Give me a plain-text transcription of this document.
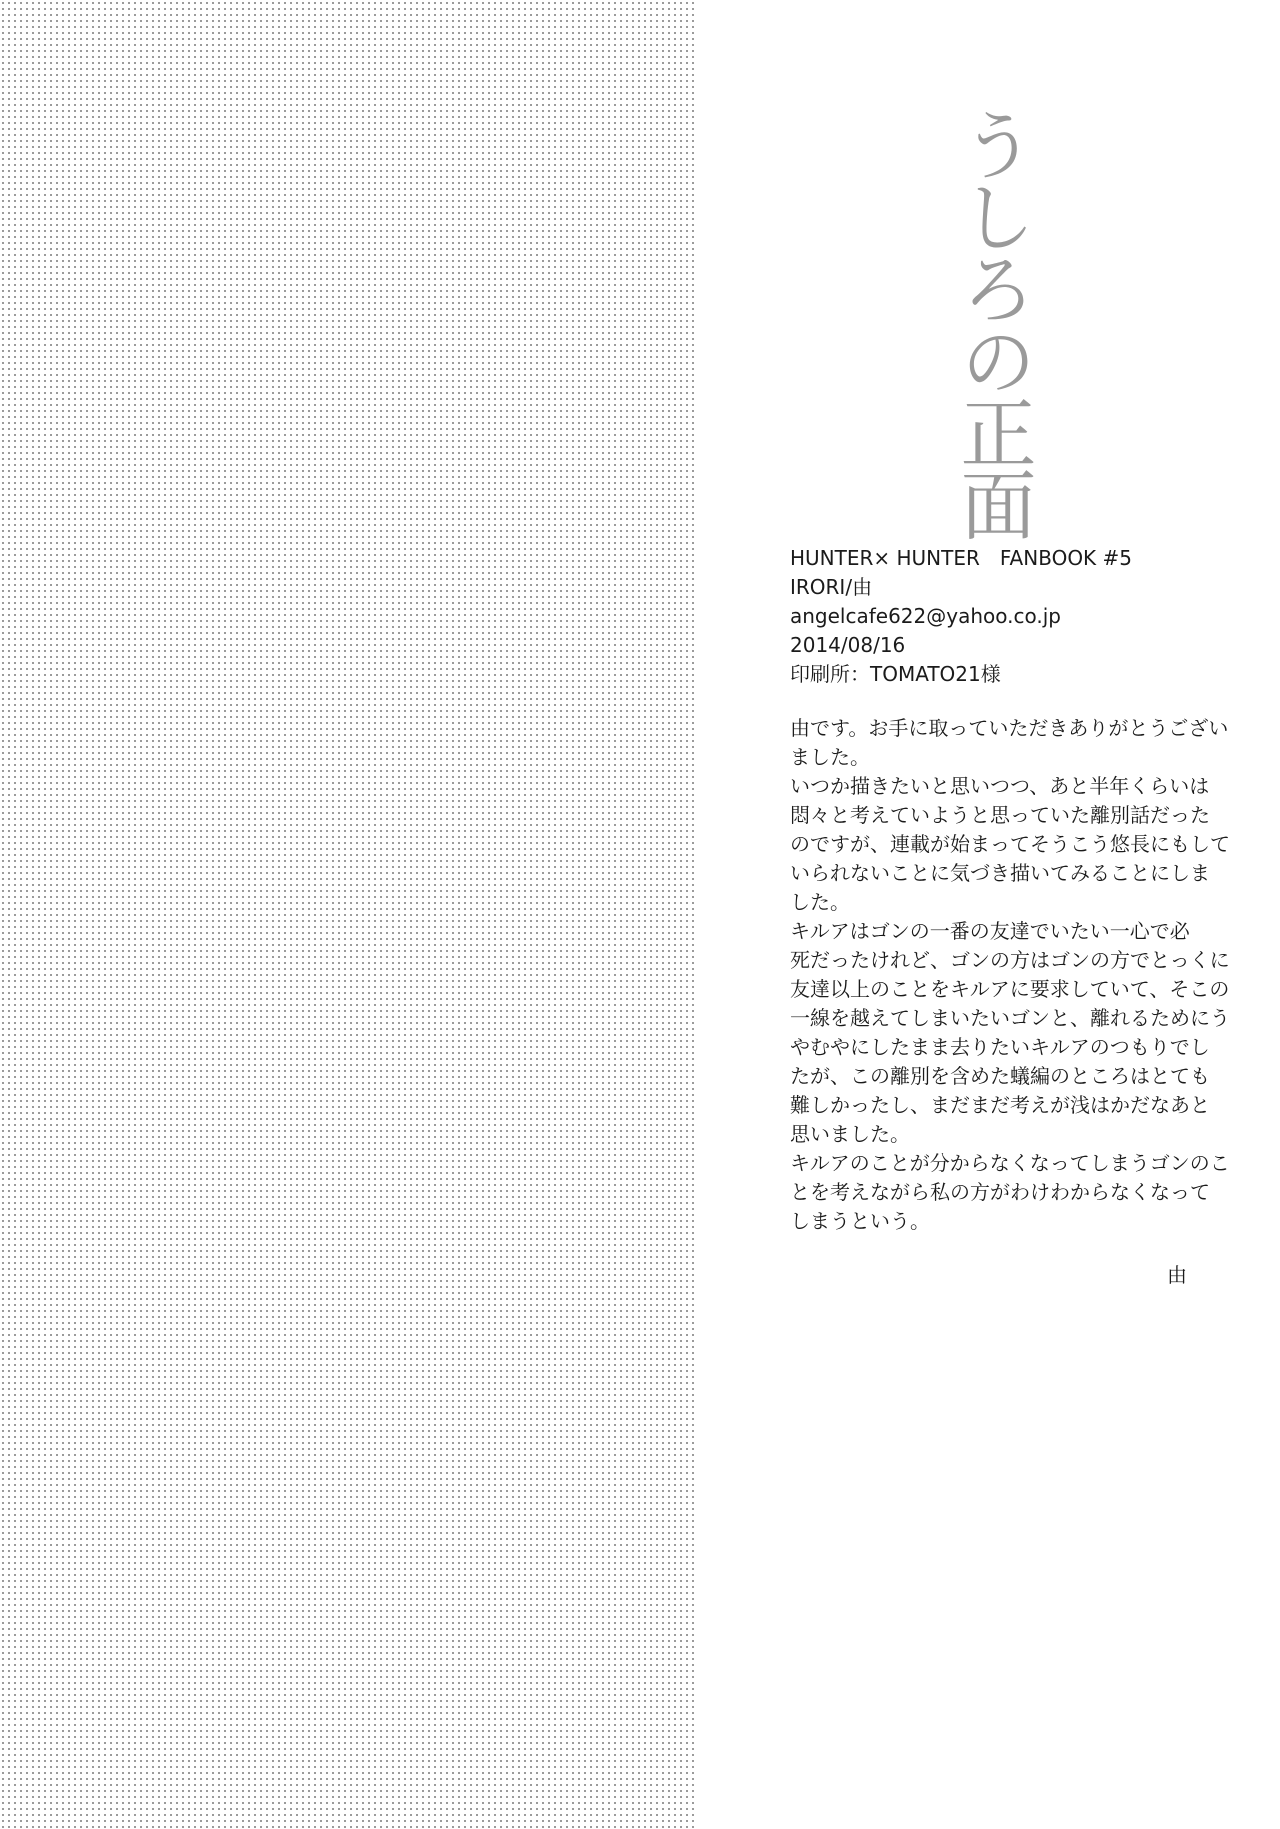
うしろの正面
HUNTER× HUNTER　FANBOOK #5
IRORI/由
angelcafe622@yahoo.co.jp
2014/08/16
印刷所：TOMATO21様
由です。お手に取っていただきありがとうござい
ました。
いつか描きたいと思いつつ、あと半年くらいは
悶々と考えていようと思っていた離別話だった
のですが、連載が始まってそうこう悠長にもして
いられないことに気づき描いてみることにしま
した。
キルアはゴンの一番の友達でいたい一心で必
死だったけれど、ゴンの方はゴンの方でとっくに
友達以上のことをキルアに要求していて、そこの
一線を越えてしまいたいゴンと、離れるためにう
やむやにしたまま去りたいキルアのつもりでし
たが、この離別を含めた蟻編のところはとても
難しかったし、まだまだ考えが浅はかだなあと
思いました。
キルアのことが分からなくなってしまうゴンのこ
とを考えながら私の方がわけわからなくなって
しまうという。
由
